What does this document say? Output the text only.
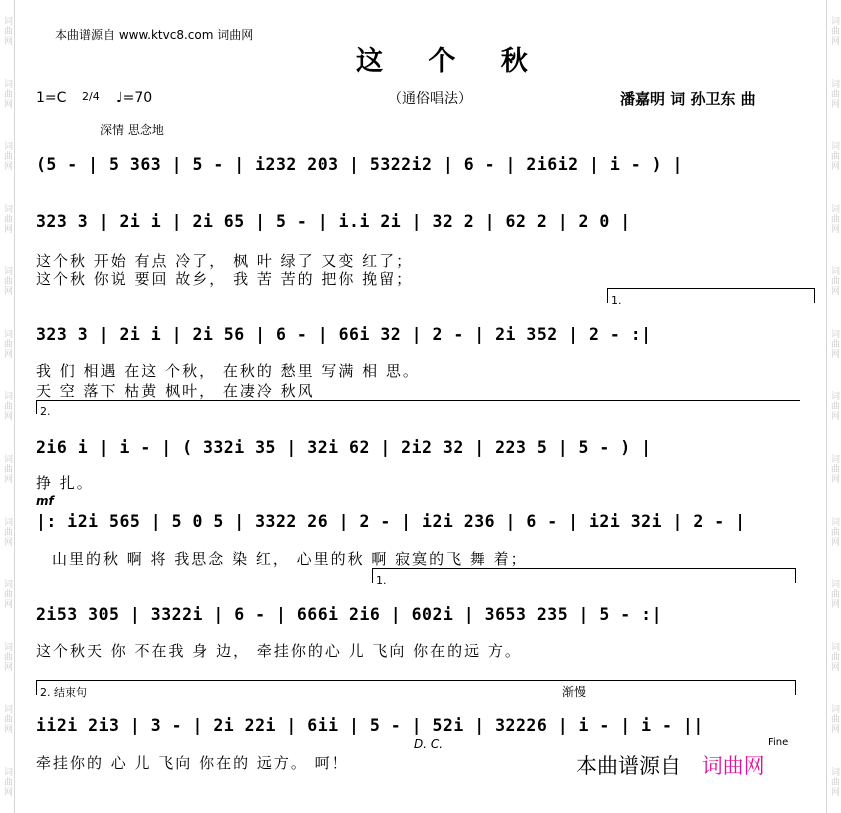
词曲网
词曲网
词曲网
词曲网
词曲网
词曲网
词曲网
词曲网
词曲网
词曲网
词曲网
词曲网
词曲网
词曲网
词曲网
词曲网
词曲网
词曲网
词曲网
词曲网
词曲网
词曲网
词曲网
词曲网
词曲网
词曲网
本曲谱源自 www.ktvc8.com 词曲网
这 个 秋
1=C 2/4 ♩=70	（通俗唱法）	潘嘉明 词 孙卫东 曲
深情 思念地
(5 - | 5 363 | 5 - | i232 203 | 5322i2 | 6 - | 2i6i2 | i - ) |
323 3 | 2i i | 2i 65 | 5 - | i.i 2i | 32 2 | 62 2 | 2 0 |
这个秋 开始 有点 冷了， 枫 叶 绿了 又变 红了；
这个秋 你说 要回 故乡， 我 苦 苦的 把你 挽留；
1.
323 3 | 2i i | 2i 56 | 6 - | 66i 32 | 2 - | 2i 352 | 2 - :|
我 们 相遇 在这 个秋， 在秋的 愁里 写满 相 思。
天 空 落下 枯黄 枫叶， 在凄冷 秋风
2.
2i6 i | i - | ( 332i 35 | 32i 62 | 2i2 32 | 223 5 | 5 - ) |
挣 扎。
mf
|: i2i 565 | 5 0 5 | 3322 26 | 2 - | i2i 236 | 6 - | i2i 32i | 2 - |
山里的秋 啊 将 我思念 染 红， 心里的秋 啊 寂寞的飞 舞 着；
1.
2i53 305 | 3322i | 6 - | 666i 2i6 | 602i | 3653 235 | 5 - :|
这个秋天 你 不在我 身 边， 牵挂你的心 儿 飞向 你在的远 方。
2. 结束句	渐慢
ii2i 2i3 | 3 - | 2i 22i | 6ii | 5 - | 52i | 32226 | i - | i - ||
D. C.	Fine
牵挂你的 心 儿 飞向 你在的 远方。 呵！	本曲谱源自 词曲网
